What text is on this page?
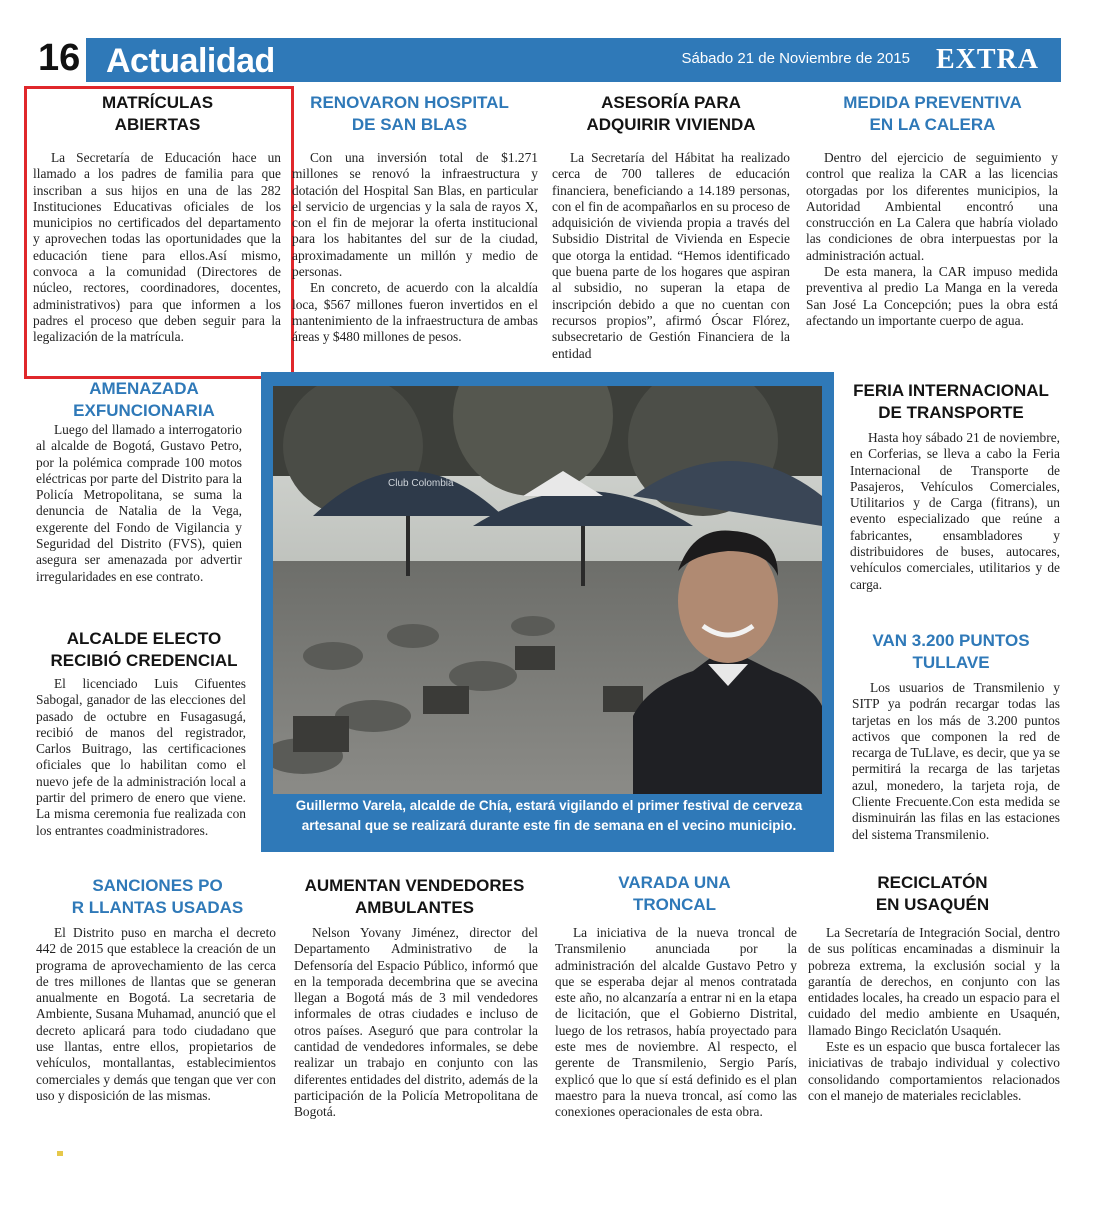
16 Actualidad	Sábado 21 de Noviembre de 2015 EXTRA
MATRÍCULAS
ABIERTAS

La Secretaría de Educación hace un llamado a los padres de familia para que inscriban a sus hijos en una de las 282 Instituciones Educativas oficiales de los municipios no certificados del departamento y aprovechen todas las oportunidades que la educación tiene para ellos.Así mismo, convoca a la comunidad (Directores de núcleo, rectores, coordinadores, docentes, administrativos) para que informen a los padres el proceso que deben seguir para la legalización de la matrícula.

RENOVARON HOSPITAL
DE SAN BLAS

Con una inversión total de $1.271 millones se renovó la infraestructura y dotación del Hospital San Blas, en particular el servicio de urgencias y la sala de rayos X, con el fin de mejorar la oferta institucional para los habitantes del sur de la ciudad, aproximadamente un millón y medio de personas.

En concreto, de acuerdo con la alcaldía loca, $567 millones fueron invertidos en el mantenimiento de la infraestructura de ambas áreas y $480 millones de pesos.

ASESORÍA PARA
ADQUIRIR VIVIENDA

La Secretaría del Hábitat ha realizado cerca de 700 talleres de educación financiera, beneficiando a 14.189 personas, con el fin de acompañarlos en su proceso de adquisición de vivienda propia a través del Subsidio Distrital de Vivienda en Especie que otorga la entidad. “Hemos identificado que buena parte de los hogares que aspiran al subsidio, no superan la etapa de inscripción debido a que no cuentan con recursos propios”, afirmó Óscar Flórez, subsecretario de Gestión Financiera de la entidad

MEDIDA PREVENTIVA
EN LA CALERA

Dentro del ejercicio de seguimiento y control que realiza la CAR a las licencias otorgadas por los diferentes municipios, la Autoridad Ambiental encontró una construcción en La Calera que habría violado las condiciones de obra interpuestas por la administración actual.

De esta manera, la CAR impuso medida preventiva al predio La Manga en la vereda San José La Concepción; pues la obra está afectando un importante cuerpo de agua.

AMENAZADA
EXFUNCIONARIA

Luego del llamado a interrogatorio al alcalde de Bogotá, Gustavo Petro, por la polémica comprade 100 motos eléctricas por parte del Distrito para la Policía Metropolitana, se suma la denuncia de Natalia de la Vega, exgerente del Fondo de Vigilancia y Seguridad del Distrito (FVS), quien asegura ser amenazada por advertir irregularidades en ese contrato.

ALCALDE ELECTO
RECIBIÓ CREDENCIAL

El licenciado Luis Cifuentes Sabogal, ganador de las elecciones del pasado de octubre en Fusagasugá, recibió de manos del registrador, Carlos Buitrago, las certificaciones oficiales que lo habilitan como el nuevo jefe de la administración local a partir del primero de enero que viene. La misma ceremonia fue realizada con los entrantes coadministradores.

Club Colombia
Guillermo Varela, alcalde de Chía, estará vigilando el primer festival de cerveza artesanal que se realizará durante este fin de semana en el vecino municipio.
FERIA INTERNACIONAL
DE TRANSPORTE

Hasta hoy sábado 21 de noviembre, en Corferias, se lleva a cabo la Feria Internacional de Transporte de Pasajeros, Vehículos Comerciales, Utilitarios y de Carga (fitrans), un evento especializado que reúne a fabricantes, ensambladores y distribuidores de buses, autocares, vehículos comerciales, utilitarios y de carga.

VAN 3.200 PUNTOS
TULLAVE

Los usuarios de Transmilenio y SITP ya podrán recargar todas las tarjetas en los más de 3.200 puntos activos que componen la red de recarga de TuLlave, es decir, que ya se permitirá la recarga de las tarjetas azul, monedero, la tarjeta roja, de Cliente Frecuente.Con esta medida se disminuirán las filas en las estaciones del sistema Transmilenio.

SANCIONES PO
R LLANTAS USADAS

El Distrito puso en marcha el decreto 442 de 2015 que establece la creación de un programa de aprovechamiento de las cerca de tres millones de llantas que se generan anualmente en Bogotá. La secretaria de Ambiente, Susana Muhamad, anunció que el decreto aplicará para todo ciudadano que use llantas, entre ellos, propietarios de vehículos, montallantas, establecimientos comerciales y demás que tengan que ver con uso y disposición de las mismas.

AUMENTAN VENDEDORES
AMBULANTES

Nelson Yovany Jiménez, director del Departamento Administrativo de la Defensoría del Espacio Público, informó que en la temporada decembrina que se avecina llegan a Bogotá más de 3 mil vendedores informales de otras ciudades e incluso de otros países. Aseguró que para controlar la cantidad de vendedores informales, se debe realizar un trabajo en conjunto con las diferentes entidades del distrito, además de la participación de la Policía Metropolitana de Bogotá.

VARADA UNA
TRONCAL

La iniciativa de la nueva troncal de Transmilenio anunciada por la administración del alcalde Gustavo Petro y que se esperaba dejar al menos contratada este año, no alcanzaría a entrar ni en la etapa de licitación, que el Gobierno Distrital, luego de los retrasos, había proyectado para este mes de noviembre. Al respecto, el gerente de Transmilenio, Sergio París, explicó que lo que sí está definido es el plan maestro para la nueva troncal, así como las conexiones operacionales de esta obra.

RECICLATÓN
EN USAQUÉN

La Secretaría de Integración Social, dentro de sus políticas encaminadas a disminuir la pobreza extrema, la exclusión social y la garantía de derechos, en conjunto con las entidades locales, ha creado un espacio para el cuidado del medio ambiente en Usaquén, llamado Bingo Reciclatón Usaquén.

Este es un espacio que busca fortalecer las iniciativas de trabajo individual y colectivo consolidando comportamientos relacionados con el manejo de materiales reciclables.
